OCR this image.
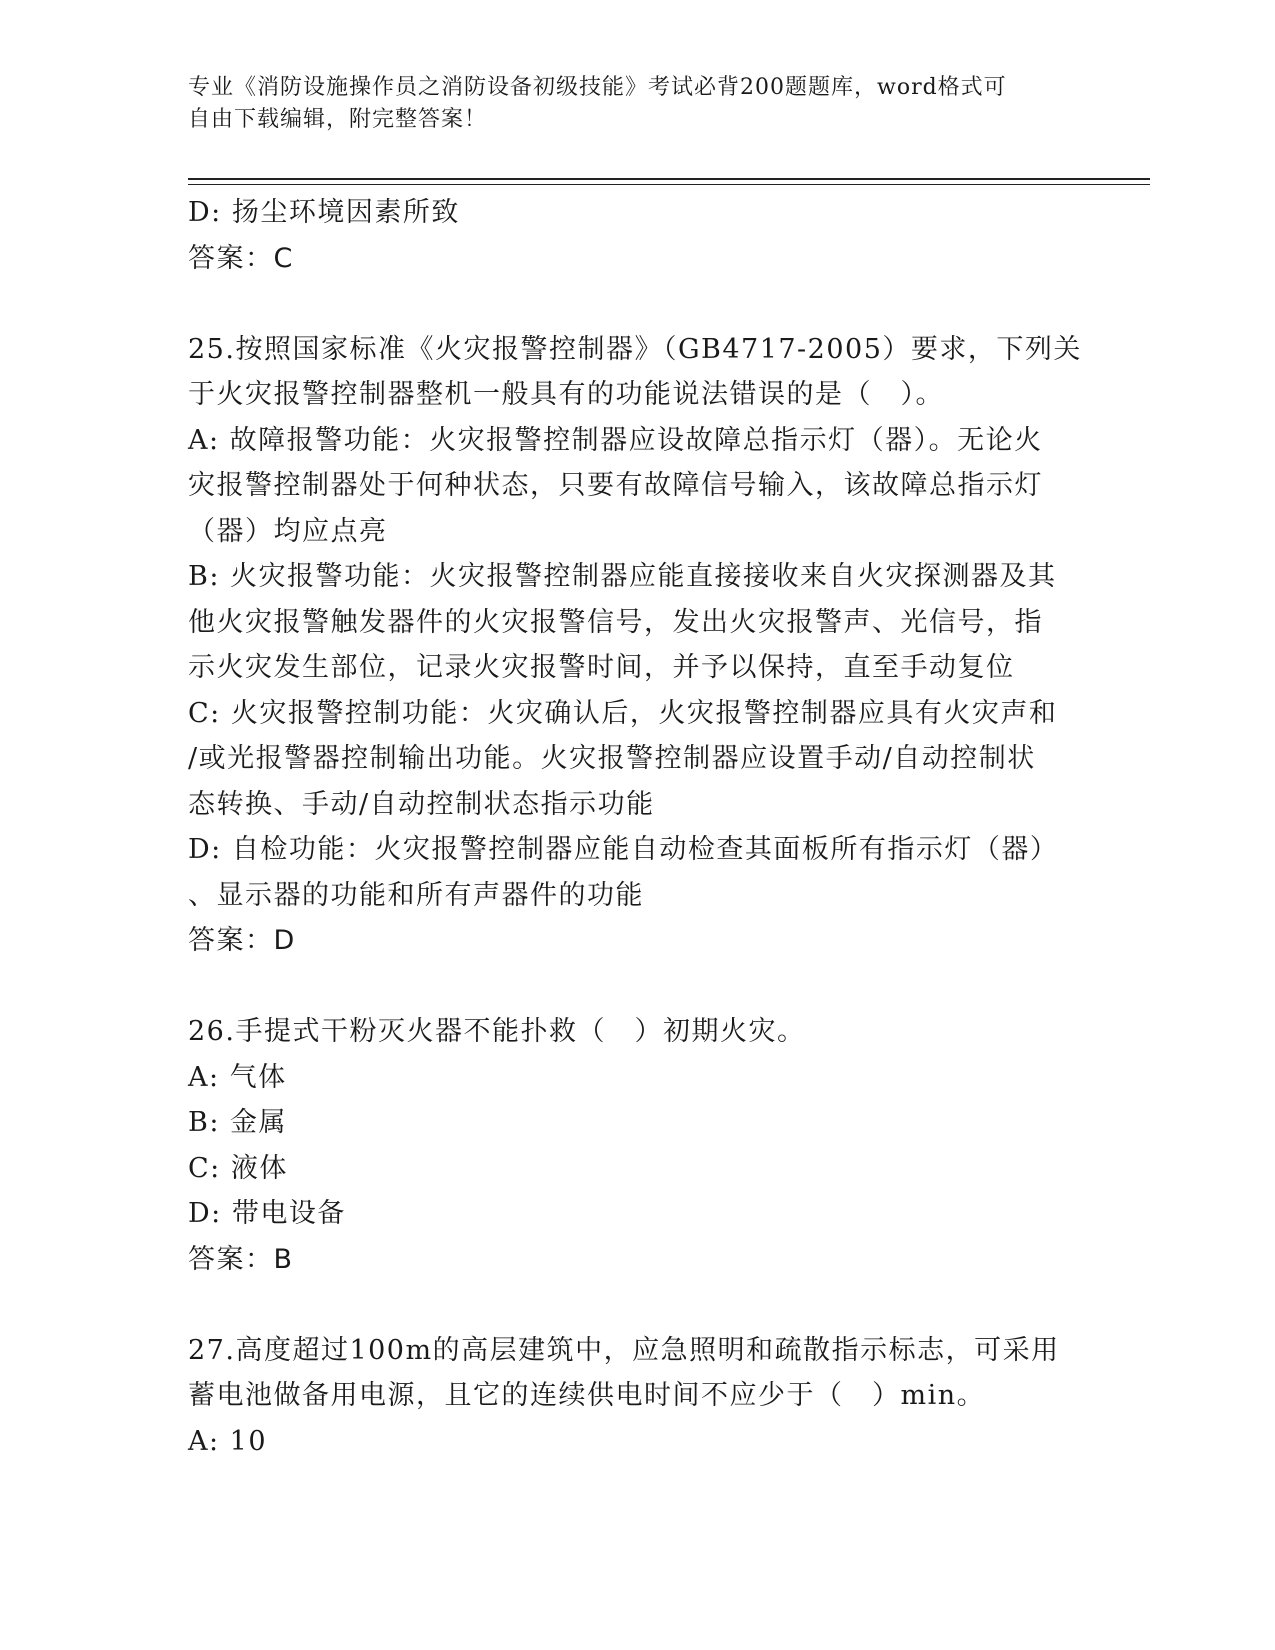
专业《消防设施操作员之消防设备初级技能》考试必背200题题库，word格式可
自由下载编辑，附完整答案！
D: 扬尘环境因素所致
答案：C
25.按照国家标准《火灾报警控制器》（GB4717-2005）要求，下列关
于火灾报警控制器整机一般具有的功能说法错误的是（　）。
A: 故障报警功能：火灾报警控制器应设故障总指示灯（器）。无论火
灾报警控制器处于何种状态，只要有故障信号输入，该故障总指示灯
（器）均应点亮
B: 火灾报警功能：火灾报警控制器应能直接接收来自火灾探测器及其
他火灾报警触发器件的火灾报警信号，发出火灾报警声、光信号，指
示火灾发生部位，记录火灾报警时间，并予以保持，直至手动复位
C: 火灾报警控制功能：火灾确认后，火灾报警控制器应具有火灾声和
/或光报警器控制输出功能。火灾报警控制器应设置手动/自动控制状
态转换、手动/自动控制状态指示功能
D: 自检功能：火灾报警控制器应能自动检查其面板所有指示灯（器）
、显示器的功能和所有声器件的功能
答案：D
26.手提式干粉灭火器不能扑救（　）初期火灾。
A: 气体
B: 金属
C: 液体
D: 带电设备
答案：B
27.高度超过100m的高层建筑中，应急照明和疏散指示标志，可采用
蓄电池做备用电源，且它的连续供电时间不应少于（　）min。
A: 10
